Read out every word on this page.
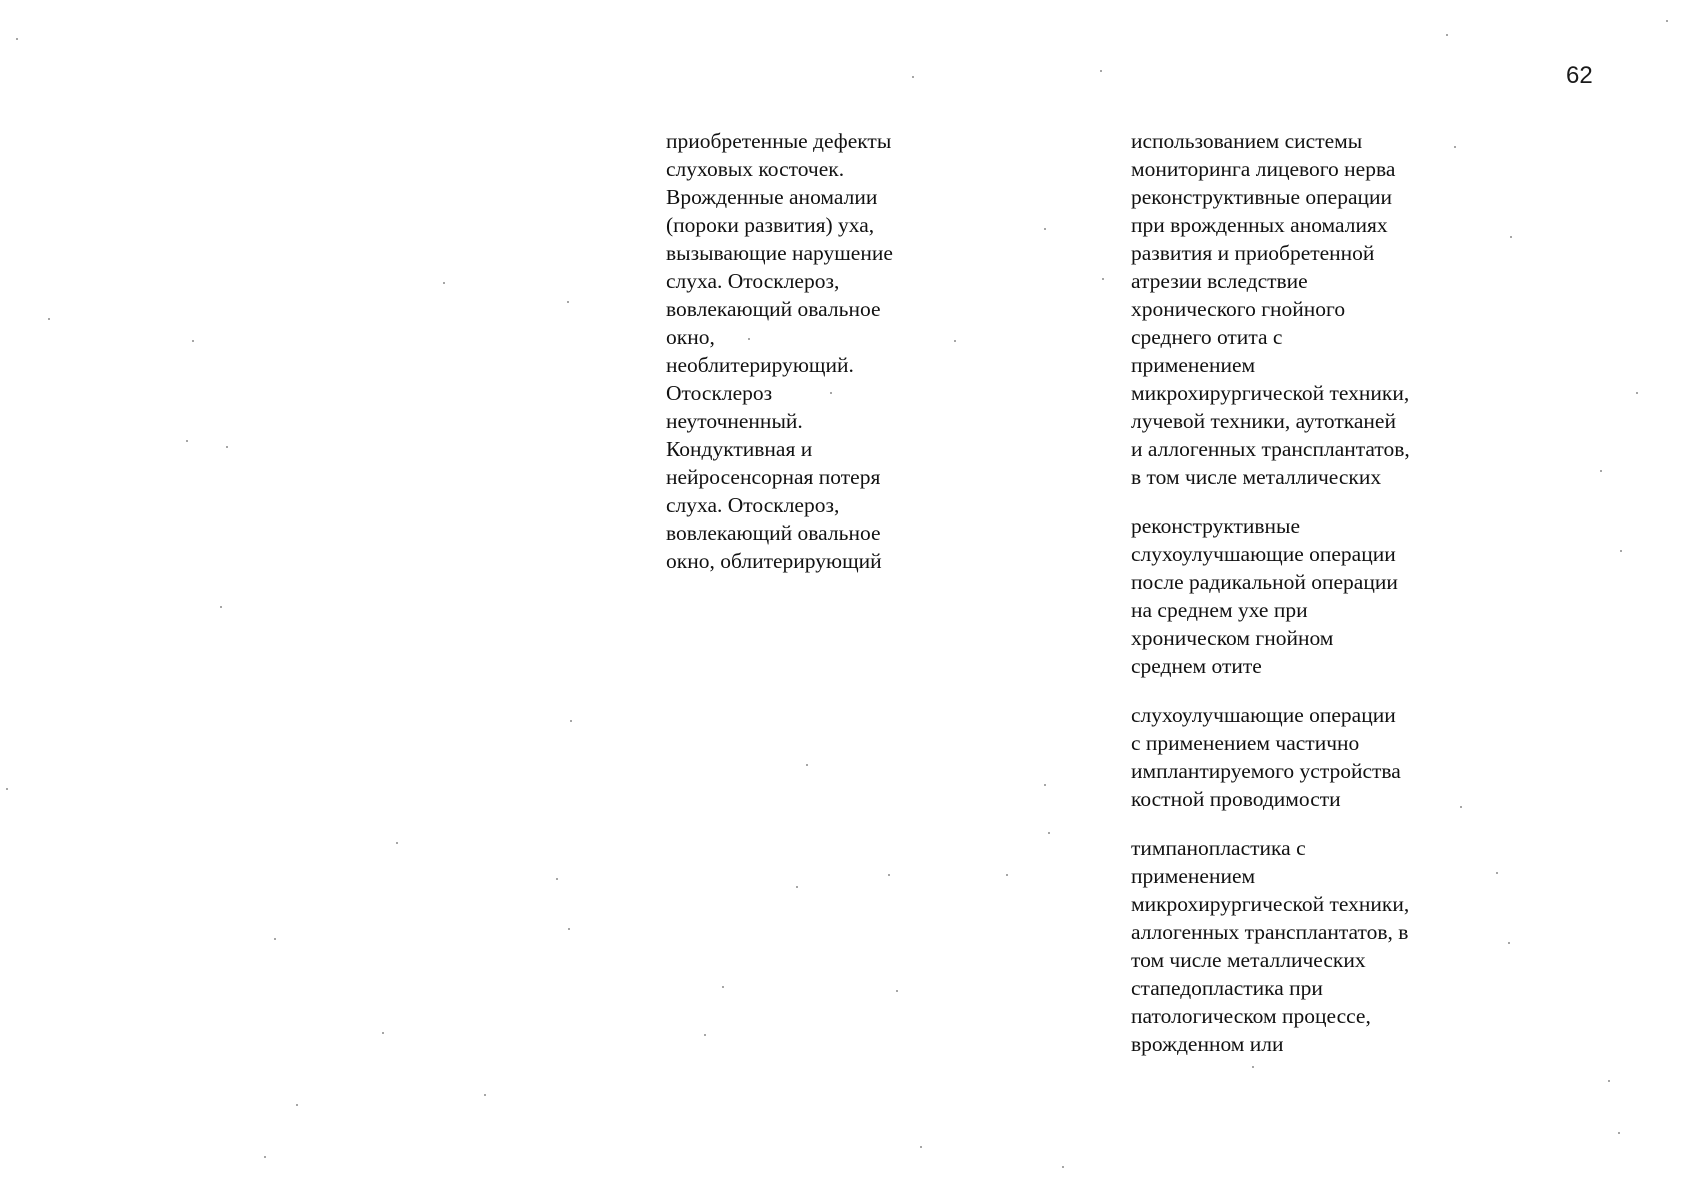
62
приобретенные дефекты
слуховых косточек.
Врожденные аномалии
(пороки развития) уха,
вызывающие нарушение
слуха. Отосклероз,
вовлекающий овальное
окно,
необлитерирующий.
Отосклероз
неуточненный.
Кондуктивная и
нейросенсорная потеря
слуха. Отосклероз,
вовлекающий овальное
окно, облитерирующий
использованием системы
мониторинга лицевого нерва
реконструктивные операции
при врожденных аномалиях
развития и приобретенной
атрезии вследствие
хронического гнойного
среднего отита с
применением
микрохирургической техники,
лучевой техники, аутотканей
и аллогенных трансплантатов,
в том числе металлических
реконструктивные
слухоулучшающие операции
после радикальной операции
на среднем ухе при
хроническом гнойном
среднем отите
слухоулучшающие операции
с применением частично
имплантируемого устройства
костной проводимости
тимпанопластика с
применением
микрохирургической техники,
аллогенных трансплантатов, в
том числе металлических
стапедопластика при
патологическом процессе,
врожденном или
